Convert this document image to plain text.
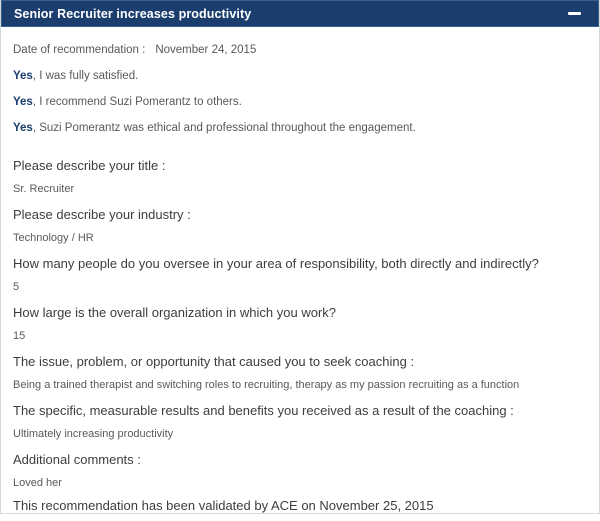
Senior Recruiter increases productivity

Date of recommendation : November 24, 2015

Yes, I was fully satisfied.

Yes, I recommend Suzi Pomerantz to others.

Yes, Suzi Pomerantz was ethical and professional throughout the engagement.

Please describe your title :

Sr. Recruiter

Please describe your industry :

Technology / HR

How many people do you oversee in your area of responsibility, both directly and indirectly?

5

How large is the overall organization in which you work?

15

The issue, problem, or opportunity that caused you to seek coaching :

Being a trained therapist and switching roles to recruiting, therapy as my passion recruiting as a function

The specific, measurable results and benefits you received as a result of the coaching :

Ultimately increasing productivity

Additional comments :

Loved her

This recommendation has been validated by ACE on November 25, 2015
